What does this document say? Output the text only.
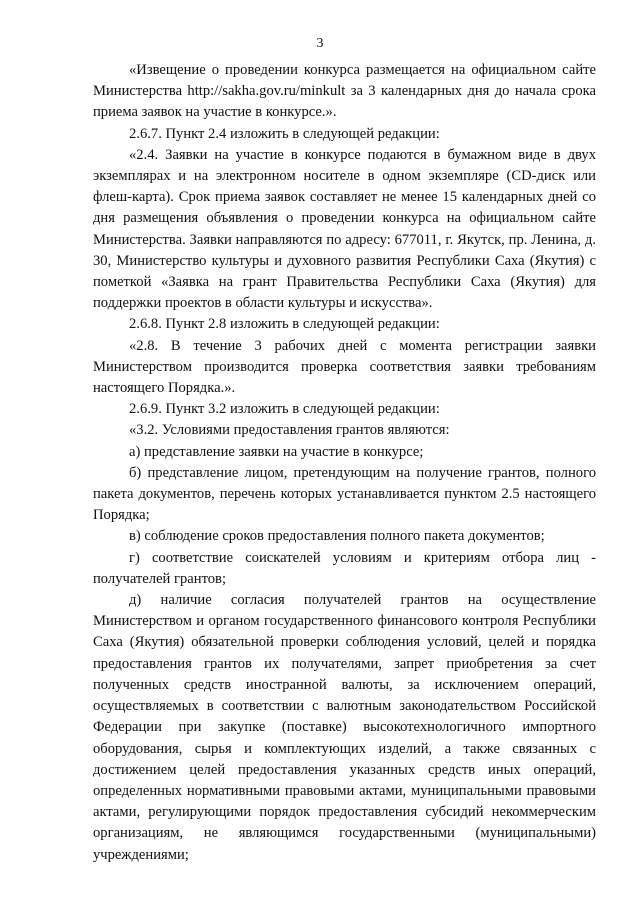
3

«Извещение о проведении конкурса размещается на официальном сайте Министерства http://sakha.gov.ru/minkult за 3 календарных дня до начала срока приема заявок на участие в конкурсе.».

2.6.7. Пункт 2.4 изложить в следующей редакции:

«2.4. Заявки на участие в конкурсе подаются в бумажном виде в двух экземплярах и на электронном носителе в одном экземпляре (CD-диск или флеш-карта). Срок приема заявок составляет не менее 15 календарных дней со дня размещения объявления о проведении конкурса на официальном сайте Министерства. Заявки направляются по адресу: 677011, г. Якутск, пр. Ленина, д. 30, Министерство культуры и духовного развития Республики Саха (Якутия) с пометкой «Заявка на грант Правительства Республики Саха (Якутия) для поддержки проектов в области культуры и искусства».

2.6.8. Пункт 2.8 изложить в следующей редакции:

«2.8. В течение 3 рабочих дней с момента регистрации заявки Министерством производится проверка соответствия заявки требованиям настоящего Порядка.».

2.6.9. Пункт 3.2 изложить в следующей редакции:

«3.2. Условиями предоставления грантов являются:

а) представление заявки на участие в конкурсе;

б) представление лицом, претендующим на получение грантов, полного пакета документов, перечень которых устанавливается пунктом 2.5 настоящего Порядка;

в) соблюдение сроков предоставления полного пакета документов;

г) соответствие соискателей условиям и критериям отбора лиц - получателей грантов;

д) наличие согласия получателей грантов на осуществление Министерством и органом государственного финансового контроля Республики Саха (Якутия) обязательной проверки соблюдения условий, целей и порядка предоставления грантов их получателями, запрет приобретения за счет полученных средств иностранной валюты, за исключением операций, осуществляемых в соответствии с валютным законодательством Российской Федерации при закупке (поставке) высокотехнологичного импортного оборудования, сырья и комплектующих изделий, а также связанных с достижением целей предоставления указанных средств иных операций, определенных нормативными правовыми актами, муниципальными правовыми актами, регулирующими порядок предоставления субсидий некоммерческим организациям, не являющимся государственными (муниципальными) учреждениями;
